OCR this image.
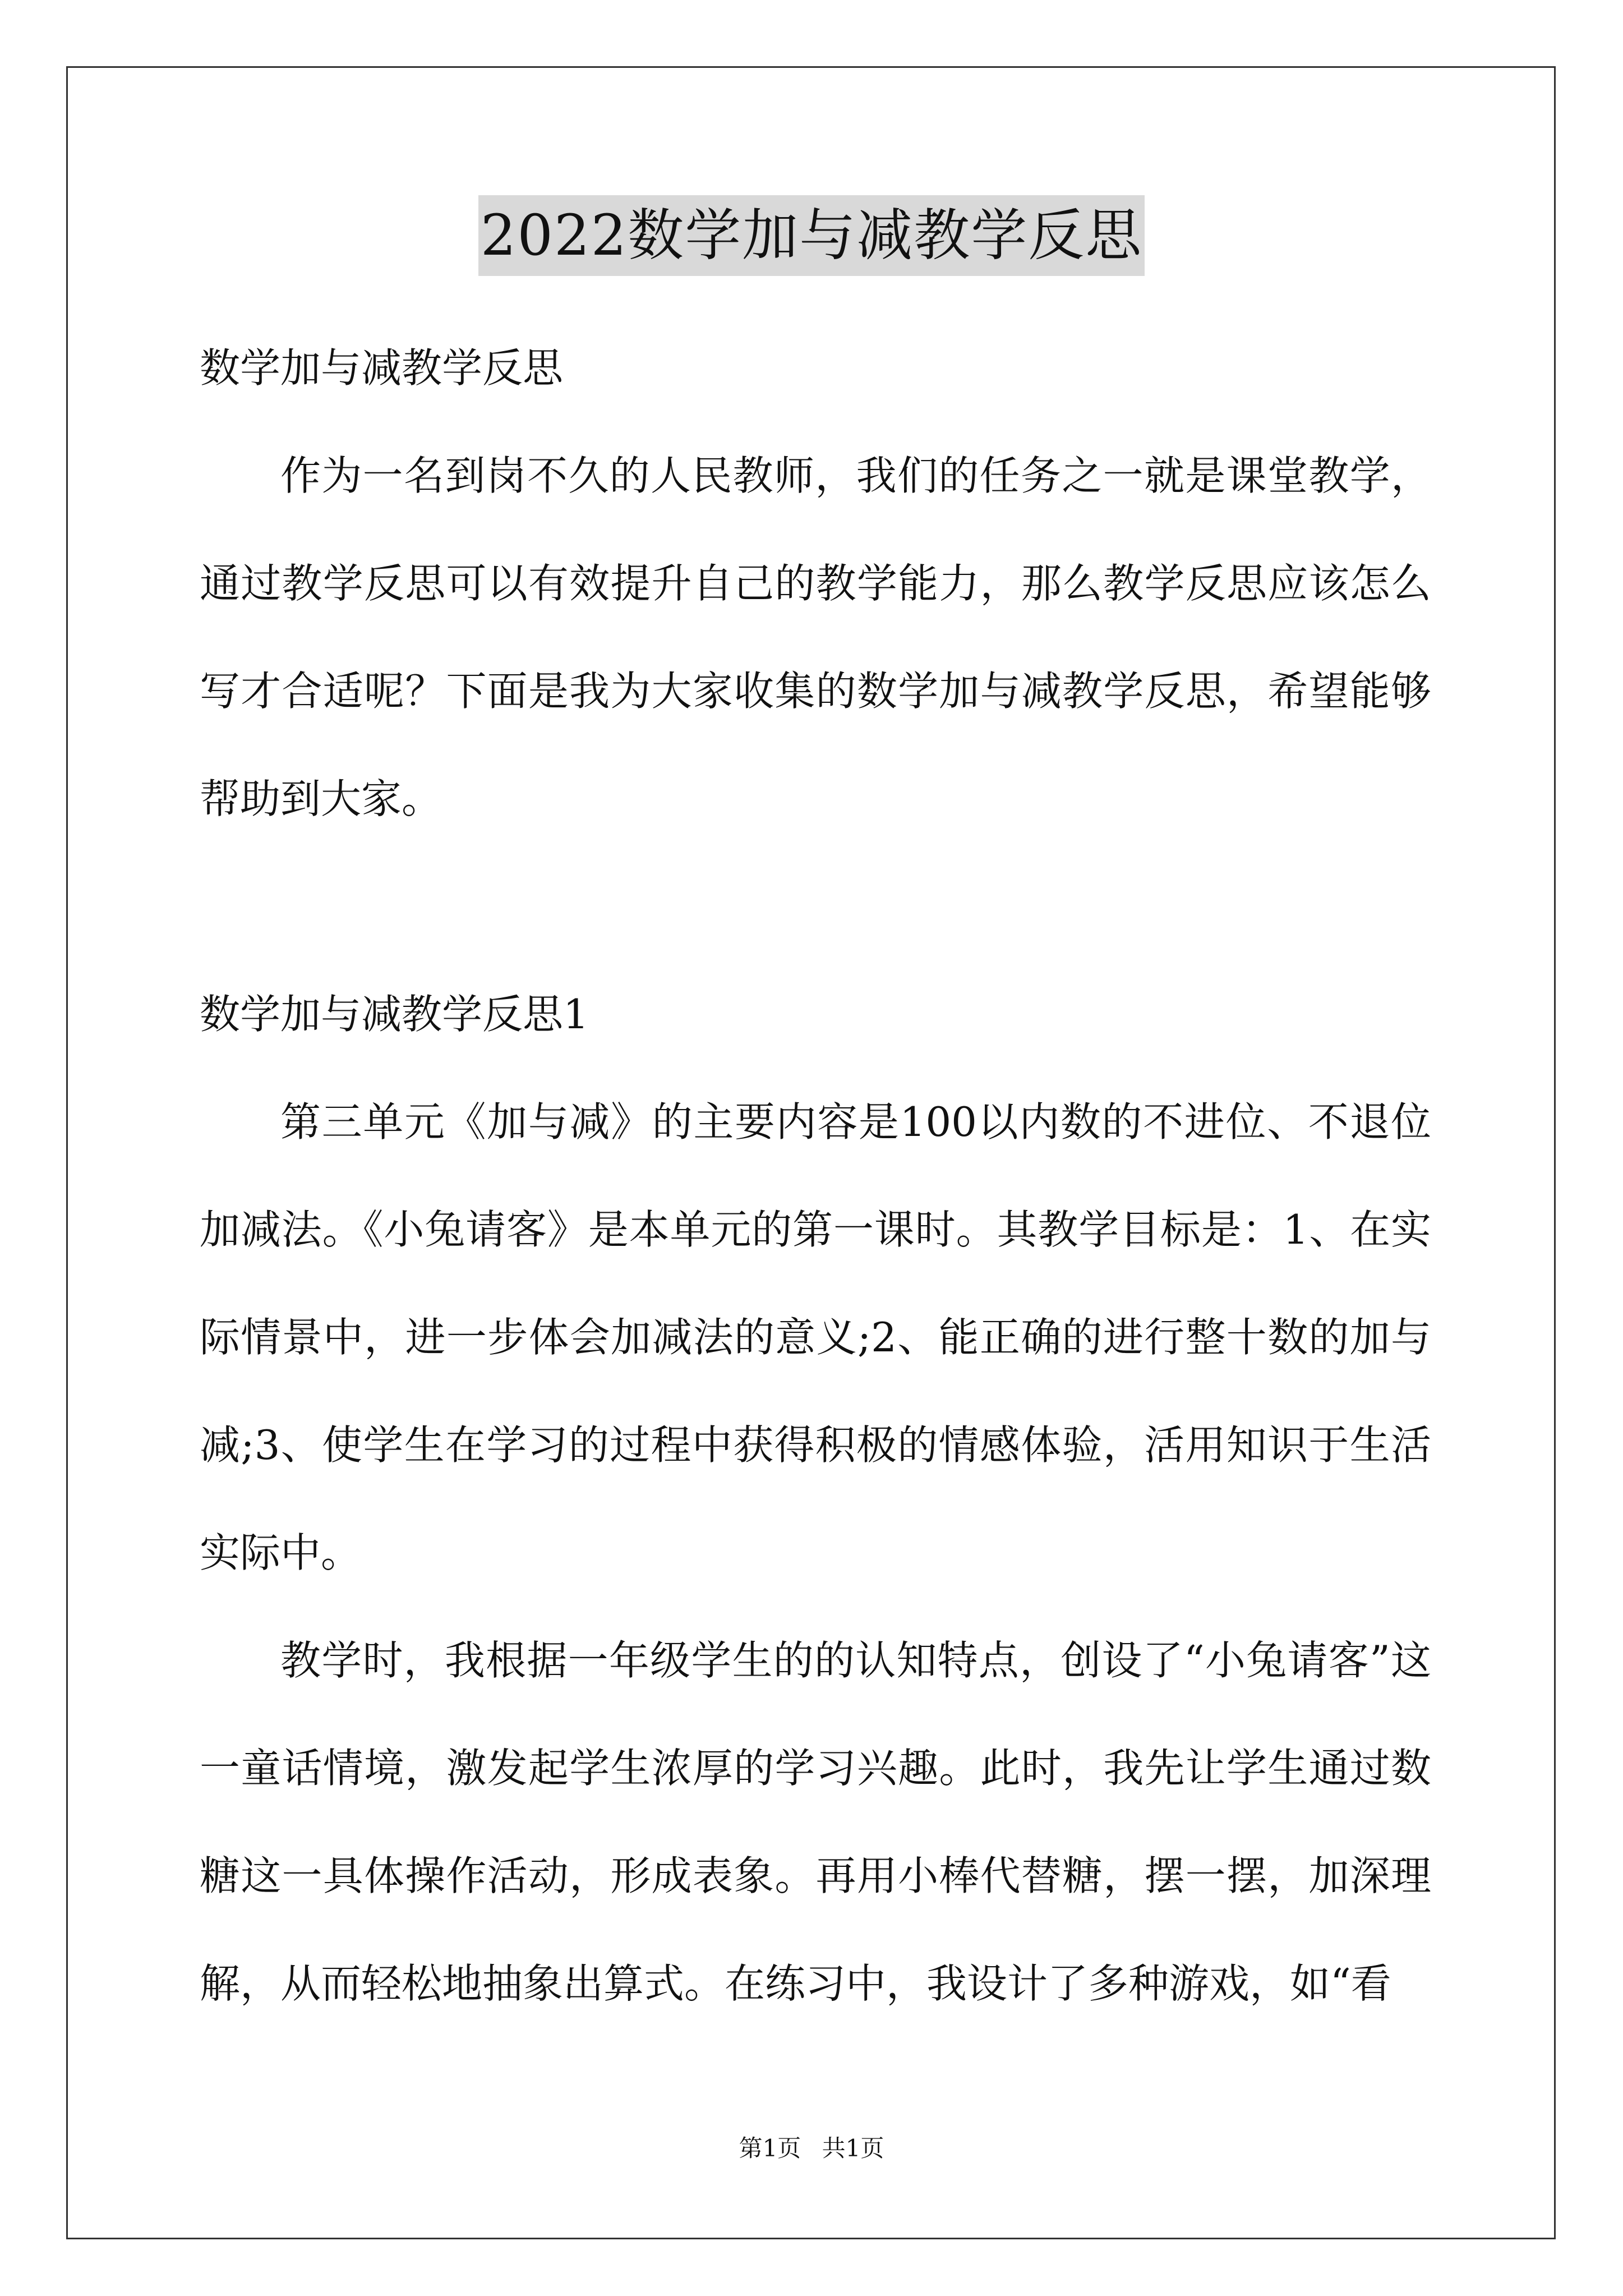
2022数学加与减教学反思

数学加与减教学反思

作为一名到岗不久的人民教师，我们的任务之一就是课堂教学，通过教学反思可以有效提升自己的教学能力，那么教学反思应该怎么写才合适呢？下面是我为大家收集的数学加与减教学反思，希望能够帮助到大家。

数学加与减教学反思1

第三单元《加与减》的主要内容是100以内数的不进位、不退位加减法。《小兔请客》是本单元的第一课时。其教学目标是：1、在实际情景中，进一步体会加减法的意义;2、能正确的进行整十数的加与减;3、使学生在学习的过程中获得积极的情感体验，活用知识于生活实际中。

教学时，我根据一年级学生的的认知特点，创设了“小兔请客”这一童话情境，激发起学生浓厚的学习兴趣。此时，我先让学生通过数糖这一具体操作活动，形成表象。再用小棒代替糖，摆一摆，加深理解，从而轻松地抽象出算式。在练习中，我设计了多种游戏，如“看

第1页 共1页
